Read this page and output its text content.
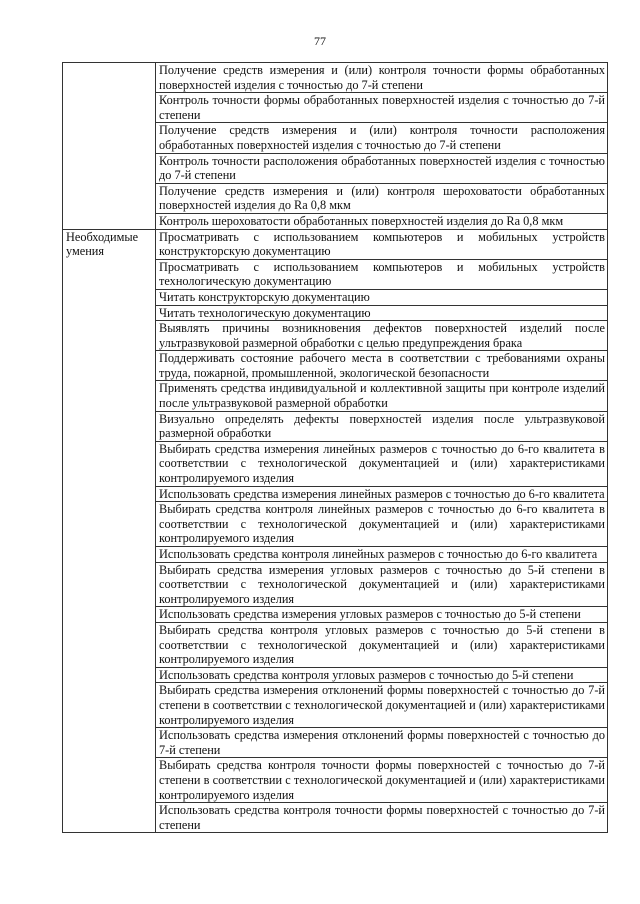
77
	Получение средств измерения и (или) контроля точности формы обработанных поверхностей изделия с точностью до 7-й степени
	Контроль точности формы обработанных поверхностей изделия с точностью до 7-й степени
	Получение средств измерения и (или) контроля точности расположения обработанных поверхностей изделия с точностью до 7-й степени
	Контроль точности расположения обработанных поверхностей изделия с точностью до 7-й степени
	Получение средств измерения и (или) контроля шероховатости обработанных поверхностей изделия до Ra 0,8 мкм
	Контроль шероховатости обработанных поверхностей изделия до Ra 0,8 мкм
Необходимые умения	Просматривать с использованием компьютеров и мобильных устройств конструкторскую документацию
	Просматривать с использованием компьютеров и мобильных устройств технологическую документацию
	Читать конструкторскую документацию
	Читать технологическую документацию
	Выявлять причины возникновения дефектов поверхностей изделий после ультразвуковой размерной обработки с целью предупреждения брака
	Поддерживать состояние рабочего места в соответствии с требованиями охраны труда, пожарной, промышленной, экологической безопасности
	Применять средства индивидуальной и коллективной защиты при контроле изделий после ультразвуковой размерной обработки
	Визуально определять дефекты поверхностей изделия после ультразвуковой размерной обработки
	Выбирать средства измерения линейных размеров с точностью до 6-го квалитета в соответствии с технологической документацией и (или) характеристиками контролируемого изделия
	Использовать средства измерения линейных размеров с точностью до 6-го квалитета
	Выбирать средства контроля линейных размеров с точностью до 6-го квалитета в соответствии с технологической документацией и (или) характеристиками контролируемого изделия
	Использовать средства контроля линейных размеров с точностью до 6-го квалитета
	Выбирать средства измерения угловых размеров с точностью до 5-й степени в соответствии с технологической документацией и (или) характеристиками контролируемого изделия
	Использовать средства измерения угловых размеров с точностью до 5-й степени
	Выбирать средства контроля угловых размеров с точностью до 5-й степени в соответствии с технологической документацией и (или) характеристиками контролируемого изделия
	Использовать средства контроля угловых размеров с точностью до 5-й степени
	Выбирать средства измерения отклонений формы поверхностей с точностью до 7-й степени в соответствии с технологической документацией и (или) характеристиками контролируемого изделия
	Использовать средства измерения отклонений формы поверхностей с точностью до 7-й степени
	Выбирать средства контроля точности формы поверхностей с точностью до 7-й степени в соответствии с технологической документацией и (или) характеристиками контролируемого изделия
	Использовать средства контроля точности формы поверхностей с точностью до 7-й степени
